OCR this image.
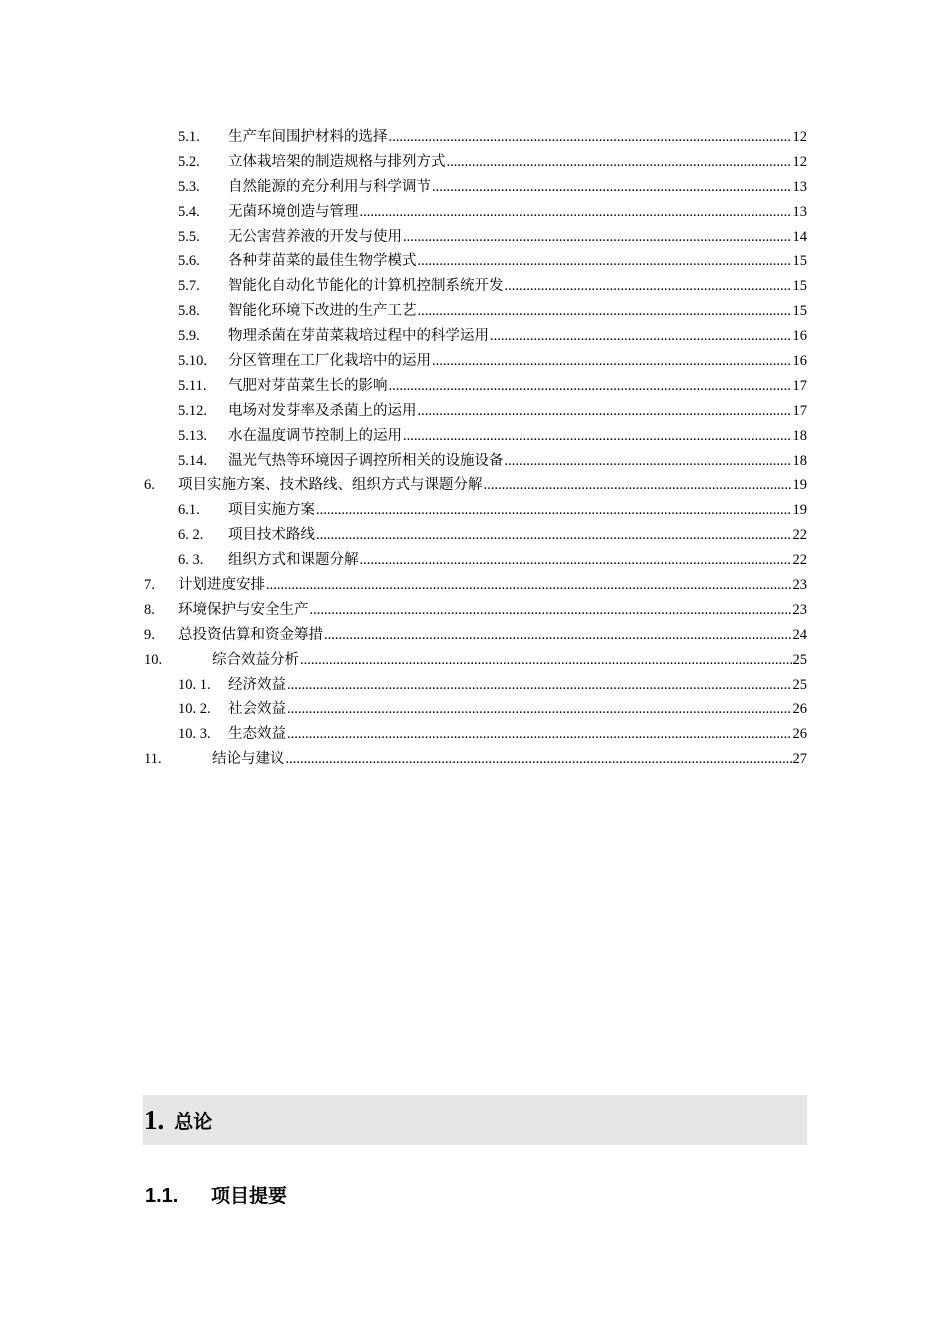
5.1.	生产车间围护材料的选择 .....	12
5.2.	立体栽培架的制造规格与排列方式 .....	12
5.3.	自然能源的充分利用与科学调节 .....	13
5.4.	无菌环境创造与管理 .....	13
5.5.	无公害营养液的开发与使用 .....	14
5.6.	各种芽苗菜的最佳生物学模式 .....	15
5.7.	智能化自动化节能化的计算机控制系统开发 .....	15
5.8.	智能化环境下改进的生产工艺 .....	15
5.9.	物理杀菌在芽苗菜栽培过程中的科学运用 .....	16
5.10.	分区管理在工厂化栽培中的运用 .....	16
5.11.	气肥对芽苗菜生长的影响 .....	17
5.12.	电场对发芽率及杀菌上的运用 .....	17
5.13.	水在温度调节控制上的运用 .....	18
5.14.	温光气热等环境因子调控所相关的设施设备 .....	18
6.	项目实施方案、技术路线、组织方式与课题分解 .....	19
6.1.	项目实施方案 .....	19
6. 2.	项目技术路线 .....	22
6. 3.	组织方式和课题分解 .....	22
7.	计划进度安排 .....	23
8.	环境保护与安全生产 .....	23
9.	总投资估算和资金筹措 .....	24
10.	综合效益分析 .....	25
10. 1.	经济效益 .....	25
10. 2.	社会效益 .....	26
10. 3.	生态效益 .....	26
11.	结论与建议 .....	27
1. 总论
1.1.	项目提要
